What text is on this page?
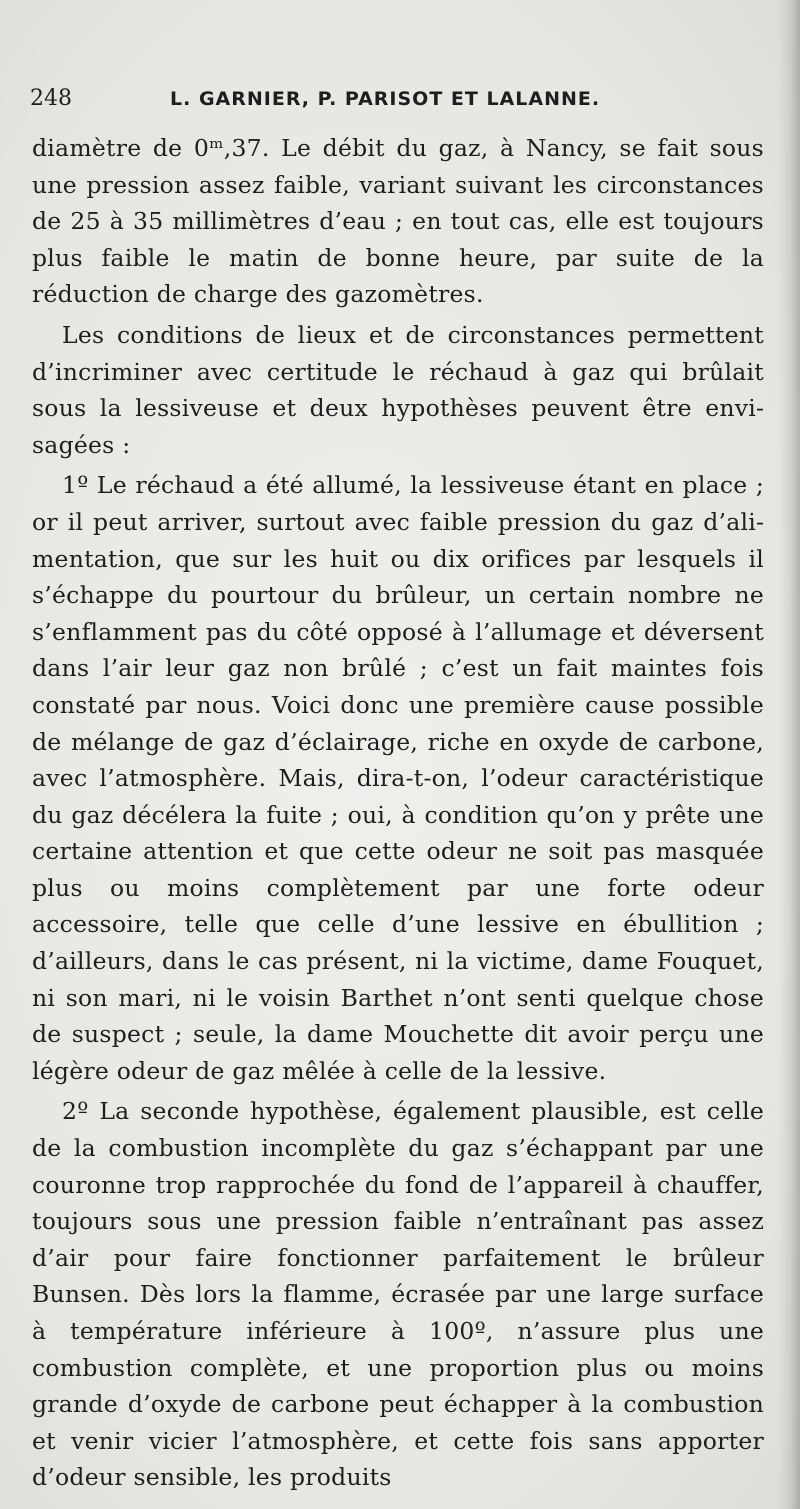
248	L. GARNIER, P. PARISOT ET LALANNE.

diamètre de 0ᵐ,37. Le débit du gaz, à Nancy, se fait sous une pression assez faible, variant suivant les circonstances de 25 à 35 millimètres d’eau ; en tout cas, elle est toujours plus faible le matin de bonne heure, par suite de la réduction de charge des gazomètres.

Les conditions de lieux et de circonstances permettent d’incriminer avec certitude le réchaud à gaz qui brûlait sous la lessiveuse et deux hypothèses peuvent être envisagées :

1º Le réchaud a été allumé, la lessiveuse étant en place ; or il peut arriver, surtout avec faible pression du gaz d’alimentation, que sur les huit ou dix orifices par lesquels il s’échappe du pourtour du brûleur, un certain nombre ne s’enflamment pas du côté opposé à l’allumage et déversent dans l’air leur gaz non brûlé ; c’est un fait maintes fois constaté par nous. Voici donc une première cause possible de mélange de gaz d’éclairage, riche en oxyde de carbone, avec l’atmosphère. Mais, dira-t-on, l’odeur caractéristique du gaz décélera la fuite ; oui, à condition qu’on y prête une certaine attention et que cette odeur ne soit pas masquée plus ou moins complètement par une forte odeur accessoire, telle que celle d’une lessive en ébullition ; d’ailleurs, dans le cas présent, ni la victime, dame Fouquet, ni son mari, ni le voisin Barthet n’ont senti quelque chose de suspect ; seule, la dame Mouchette dit avoir perçu une légère odeur de gaz mêlée à celle de la lessive.

2º La seconde hypothèse, également plausible, est celle de la combustion incomplète du gaz s’échappant par une couronne trop rapprochée du fond de l’appareil à chauffer, toujours sous une pression faible n’entraînant pas assez d’air pour faire fonctionner parfaitement le brûleur Bunsen. Dès lors la flamme, écrasée par une large surface à température inférieure à 100º, n’assure plus une combustion complète, et une proportion plus ou moins grande d’oxyde de carbone peut échapper à la combustion et venir vicier l’atmosphère, et cette fois sans apporter d’odeur sensible, les produits
